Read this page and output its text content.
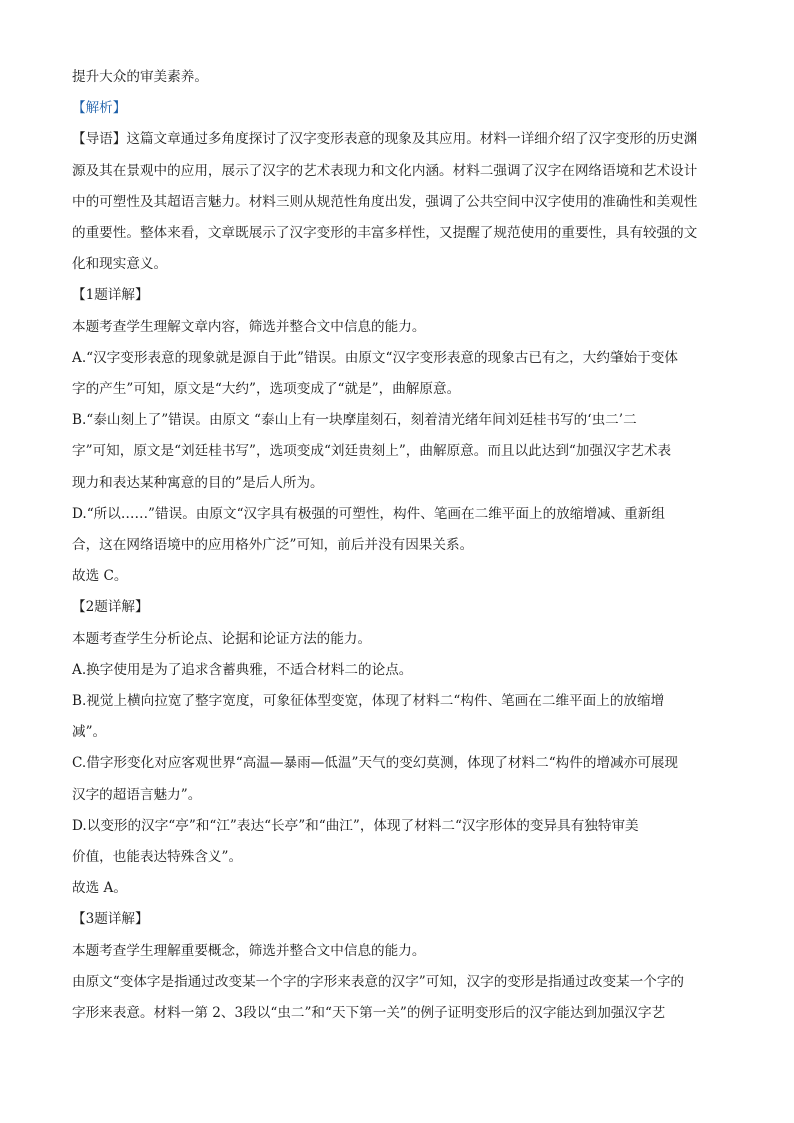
提升大众的审美素养。
【解析】
【导语】这篇文章通过多角度探讨了汉字变形表意的现象及其应用。材料一详细介绍了汉字变形的历史渊
源及其在景观中的应用，展示了汉字的艺术表现力和文化内涵。材料二强调了汉字在网络语境和艺术设计
中的可塑性及其超语言魅力。材料三则从规范性角度出发，强调了公共空间中汉字使用的准确性和美观性
的重要性。整体来看，文章既展示了汉字变形的丰富多样性，又提醒了规范使用的重要性，具有较强的文
化和现实意义。
【1题详解】
本题考查学生理解文章内容，筛选并整合文中信息的能力。
A.“汉字变形表意的现象就是源自于此”错误。由原文“汉字变形表意的现象古已有之，大约肇始于变体
字的产生”可知，原文是“大约”，选项变成了“就是”，曲解原意。
B.“泰山刻上了”错误。由原文 “泰山上有一块摩崖刻石，刻着清光绪年间刘廷桂书写的‘虫二’二
字”可知，原文是“刘廷桂书写”，选项变成“刘廷贵刻上”，曲解原意。而且以此达到“加强汉字艺术表
现力和表达某种寓意的目的”是后人所为。
D.“所以……”错误。由原文“汉字具有极强的可塑性，构件、笔画在二维平面上的放缩增减、重新组
合，这在网络语境中的应用格外广泛”可知，前后并没有因果关系。
故选 C。
【2题详解】
本题考查学生分析论点、论据和论证方法的能力。
A.换字使用是为了追求含蓄典雅，不适合材料二的论点。
B.视觉上横向拉宽了整字宽度，可象征体型变宽，体现了材料二“构件、笔画在二维平面上的放缩增
减”。
C.借字形变化对应客观世界“高温—暴雨—低温”天气的变幻莫测，体现了材料二“构件的增减亦可展现
汉字的超语言魅力”。
D.以变形的汉字“亭”和“江”表达“长亭”和“曲江”，体现了材料二“汉字形体的变异具有独特审美
价值，也能表达特殊含义”。
故选 A。
【3题详解】
本题考查学生理解重要概念，筛选并整合文中信息的能力。
由原文“变体字是指通过改变某一个字的字形来表意的汉字”可知，汉字的变形是指通过改变某一个字的
字形来表意。材料一第 2、3段以“虫二”和“天下第一关”的例子证明变形后的汉字能达到加强汉字艺
